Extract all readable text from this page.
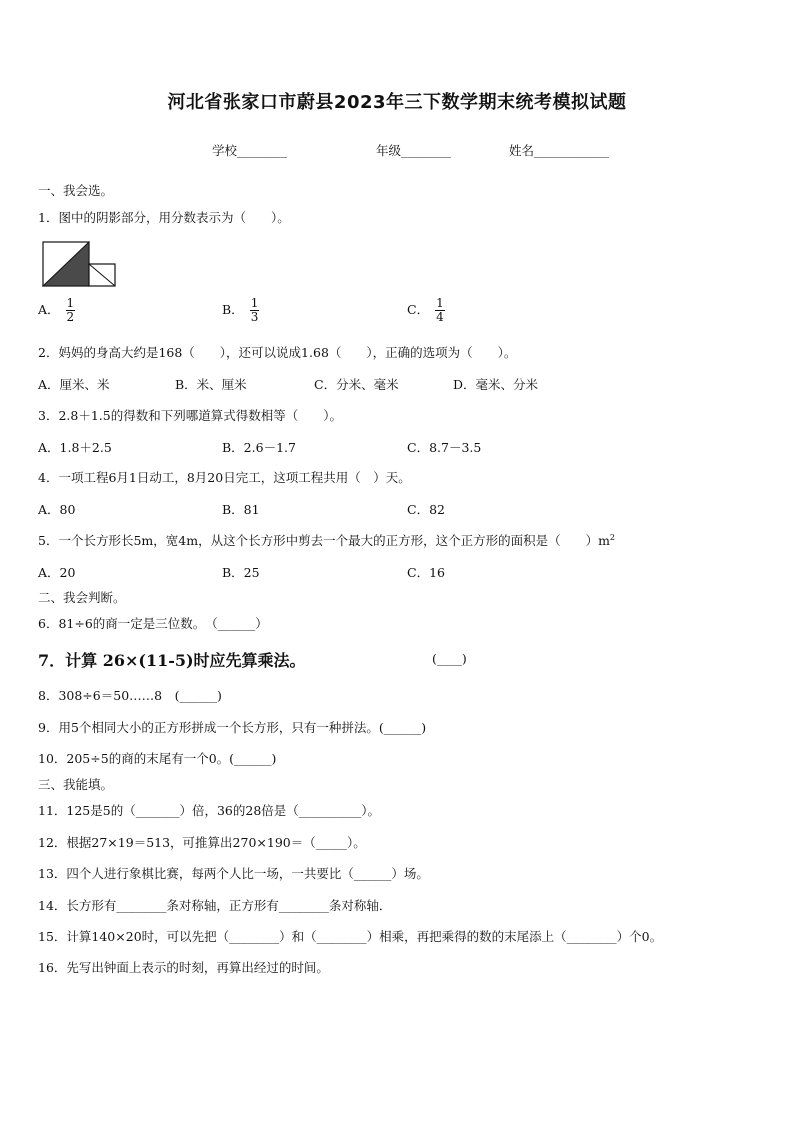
河北省张家口市蔚县2023年三下数学期末统考模拟试题
学校________	年级________	姓名____________
一、我会选。
1．图中的阴影部分，用分数表示为（　　）。
A． $\frac{1}{2}$	B． $\frac{1}{3}$	C． $\frac{1}{4}$
2．妈妈的身高大约是168（　　），还可以说成1.68（　　），正确的选项为（　　）。
A．厘米、米	B．米、厘米	C．分米、毫米	D．毫米、分米
3．2.8＋1.5的得数和下列哪道算式得数相等（　　）。
A．1.8＋2.5	B．2.6－1.7	C．8.7－3.5
4．一项工程6月1日动工，8月20日完工，这项工程共用（　）天。
A．80	B．81	C．82
5．一个长方形长5m，宽4m，从这个长方形中剪去一个最大的正方形，这个正方形的面积是（　　）$m^2$
A．20	B．25	C．16
二、我会判断。
6．81÷6的商一定是三位数。　（______）
7．计算 26×(11-5)时应先算乘法。	(____)
8．308÷6＝50……8　(______)
9．用5个相同大小的正方形拼成一个长方形，只有一种拼法。(______)
10．205÷5的商的末尾有一个0。(______)
三、我能填。
11．125是5的（_______）倍，36的28倍是（__________）。
12．根据27×19＝513，可推算出270×190＝（_____）。
13．四个人进行象棋比赛，每两个人比一场，一共要比（______）场。
14．长方形有________条对称轴，正方形有________条对称轴．
15．计算140×20时，可以先把（________）和（________）相乘，再把乘得的数的末尾添上（________）个0。
16．先写出钟面上表示的时刻，再算出经过的时间。
